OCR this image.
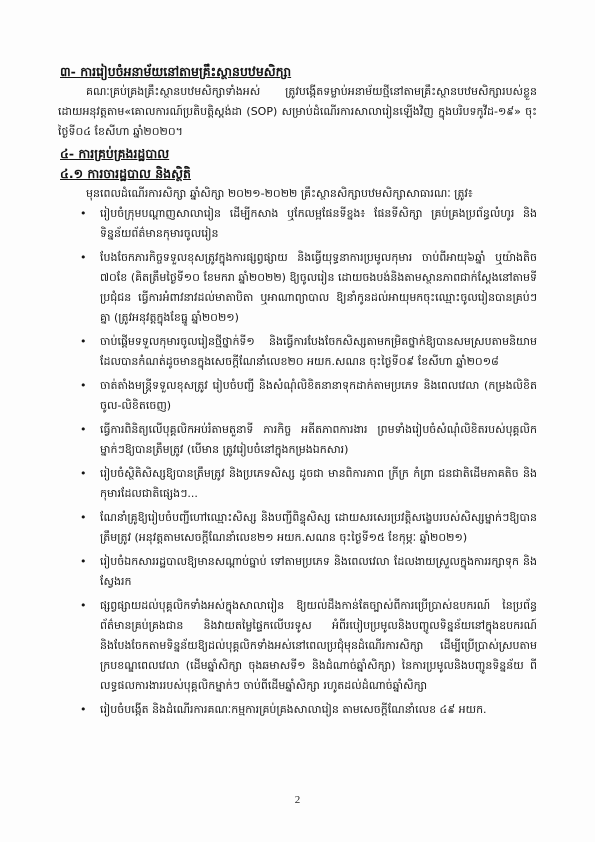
៣- ការរៀបចំអនាម័យនៅតាមគ្រឹះស្ថានបឋមសិក្សា

គណៈគ្រប់គ្រងគ្រឹះស្ថានបឋមសិក្សាទាំងអស់ ត្រូវបង្កើតទម្លាប់អនាម័យថ្មីនៅតាមគ្រឹះស្ថានបឋមសិក្សារបស់ខ្លួន ដោយអនុវត្តតាម«គោលការណ៍ប្រតិបត្តិស្តង់ដា (SOP) សម្រាប់ដំណើរការសាលារៀនឡើងវិញ ក្នុងបរិបទកូវីដ-១៩» ចុះថ្ងៃទី០៤ ខែសីហា ឆ្នាំ២០២០។

៤- ការគ្រប់គ្រងរដ្ឋបាល
៤.១ ការចារដ្ឋបាល និងស្ថិតិ

មុនពេលដំណើរការសិក្សា ឆ្នាំសិក្សា ២០២១-២០២២ គ្រឹះស្ថានសិក្សាបឋមសិក្សាសាធារណៈ ត្រូវ៖

• រៀបចំក្រុមបណ្តាញសាលារៀន ដើម្បីកសាង ឬកែលម្អផែនទីខ្នង៖ ផែនទីសិក្សា គ្រប់គ្រងប្រព័ន្ធលំហូរ និងទិន្នន័យព័ត៌មានកុមារចូលរៀន
• បែងចែកភារកិច្ចទទួលខុសត្រូវក្នុងការផ្សព្វផ្សាយ និងធ្វើយុទ្ធនាការប្រមូលកុមារ ចាប់ពីអាយុ៦ឆ្នាំ ឬយ៉ាងតិច ៧០ខែ (គិតត្រឹមថ្ងៃទី១០ ខែមករា ឆ្នាំ២០២២) ឱ្យចូលរៀន ដោយចងបង់និងតាមស្ថានភាពជាក់ស្តែងនៅតាមទីប្រជុំជន ធ្វើការអំពាវនាវដល់មាតាបិតា ឬអាណាព្យាបាល ឱ្យនាំកូនដល់អាយុមកចុះឈ្មោះចូលរៀនបានគ្រប់ៗគ្នា (ត្រូវអនុវត្តក្នុងខែធ្នូ ឆ្នាំ២០២១)
• ចាប់ផ្តើមទទួលកុមារចូលរៀនថ្មីថ្នាក់ទី១ និងធ្វើការបែងចែកសិស្សតាមកម្រិតថ្នាក់ឱ្យបានសមស្របតាមនិយាមដែលបានកំណត់ដូចមានក្នុងសេចក្តីណែនាំលេខ២០ អយក.សណន ចុះថ្ងៃទី០៩ ខែសីហា ឆ្នាំ២០១៨
• ចាត់តាំងមន្ត្រីទទួលខុសត្រូវ រៀបចំបញ្ជី និងសំណុំលិខិតនានាទុកដាក់តាមប្រភេទ និងពេលវេលា (កម្រងលិខិតចូល-លិខិតចេញ)
• ធ្វើការពិនិត្យលើបុគ្គលិកអប់រំតាមតួនាទី ភារកិច្ច អតីតភាពការងារ ព្រមទាំងរៀបចំសំណុំលិខិតរបស់បុគ្គលិកម្នាក់ៗឱ្យបានត្រឹមត្រូវ (បើមាន ត្រូវរៀបចំនៅក្នុងកម្រងឯកសារ)
• រៀបចំស្ថិតិសិស្សឱ្យបានត្រឹមត្រូវ និងប្រភេទសិស្ស ដូចជា មានពិការភាព ក្រីក្រ កំព្រា ជនជាតិដើមភាគតិច និងកុមារដែលជាតិផ្សេងៗ...
• ណែនាំគ្រូឱ្យរៀបចំបញ្ជីហៅឈ្មោះសិស្ស និងបញ្ជីពិន្ទុសិស្ស ដោយសរសេរប្រវត្តិសង្ខេបរបស់សិស្សម្នាក់ៗឱ្យបានត្រឹមត្រូវ (អនុវត្តតាមសេចក្តីណែនាំលេខ២១ អយក.សណន ចុះថ្ងៃទី១៥ ខែកុម្ភៈ ឆ្នាំ២០២១)
• រៀបចំឯកសាររដ្ឋបាលឱ្យមានសណ្តាប់ធ្នាប់ ទៅតាមប្រភេទ និងពេលវេលា ដែលងាយស្រួលក្នុងការរក្សាទុក និងស្វែងរក
• ផ្សព្វផ្សាយដល់បុគ្គលិកទាំងអស់ក្នុងសាលារៀន ឱ្យយល់ដឹងកាន់តែច្បាស់ពីការប្រើប្រាស់ឧបករណ៍ នៃប្រព័ន្ធព័ត៌មានគ្រប់គ្រងជាន និងវាយតម្លៃផ្ទៃកលើបរទូស អំពីរបៀបប្រមូលនិងបញ្ចូលទិន្នន័យនៅក្នុងឧបករណ៍ និងបែងចែកតាមទិន្នន័យឱ្យដល់បុគ្គលិកទាំងអស់នៅពេលប្រជុំមុនដំណើរការសិក្សា ដើម្បីប្រើប្រាស់ស្របតាមក្របខណ្ឌពេលវេលា (ដើមឆ្នាំសិក្សា ចុងឆមាសទី១ និងដំណាច់ឆ្នាំសិក្សា) នៃការប្រមូលនិងបញ្ជូនទិន្នន័យ ពីលទ្ធផលការងាររបស់បុគ្គលិកម្នាក់ៗ ចាប់ពីដើមឆ្នាំសិក្សា រហូតដល់ដំណាច់ឆ្នាំសិក្សា
• រៀបចំបង្កើត និងដំណើរការគណៈកម្មការគ្រប់គ្រងសាលារៀន តាមសេចក្តីណែនាំលេខ ៤៩ អយក.
2
